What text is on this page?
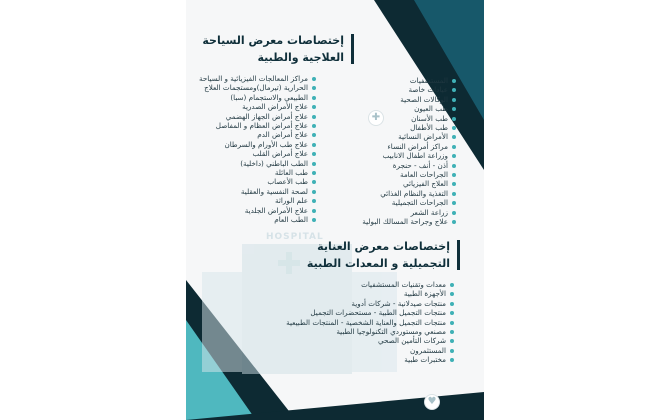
HOSPITAL
✚
♥
إختصاصات معرض السياحة
العلاجية والطبية
مراكز المعالجات الفيزيائية و السياحة
الحرارية (تيرمال)ومستجمات العلاج
الطبيعي والاستجمام (سبا)
علاج الأمراض الصدرية
علاج أمراض الجهاز الهضمي
علاج أمراض العظام و المفاصل
علاج أمراض الدم
علاج طب الأورام والسرطان
علاج أمراض القلب
الطب الباطني (داخلية)
طب العائلة
طب الأعصاب
لصحة النفسية والعقلية
علم الوراثة
علاج الأمراض الجلدية
الطب العام
المستشفيات
عيادات خاصة
الوكالات الصحية
طب العيون
طب الأسنان
طب الأطفال
الأمراض النسائية
مراكز أمراض النساء
وزراعة اطفال الانابيب
أذن - أنف - حنجرة
الجراحات العامة
العلاج الفيزيائي
التغذية والنظام الغذائي
الجراحات التجميلية
زراعة الشعر
علاج وجراحة المسالك البولية
إختصاصات معرض العناية
التجميلية و المعدات الطبية
معدات وتقنيات المستشفيات
الأجهزة الطبية
منتجات صيدلانية - شركات أدوية
منتجات التجميل الطبية - مستحضرات التجميل
منتجات التجميل والعناية الشخصية - المنتجات الطبيعية
مصنعي ومستوردي التكنولوجيا الطبية
شركات التأمين الصحي
المستثمرون
مختبرات طبية
